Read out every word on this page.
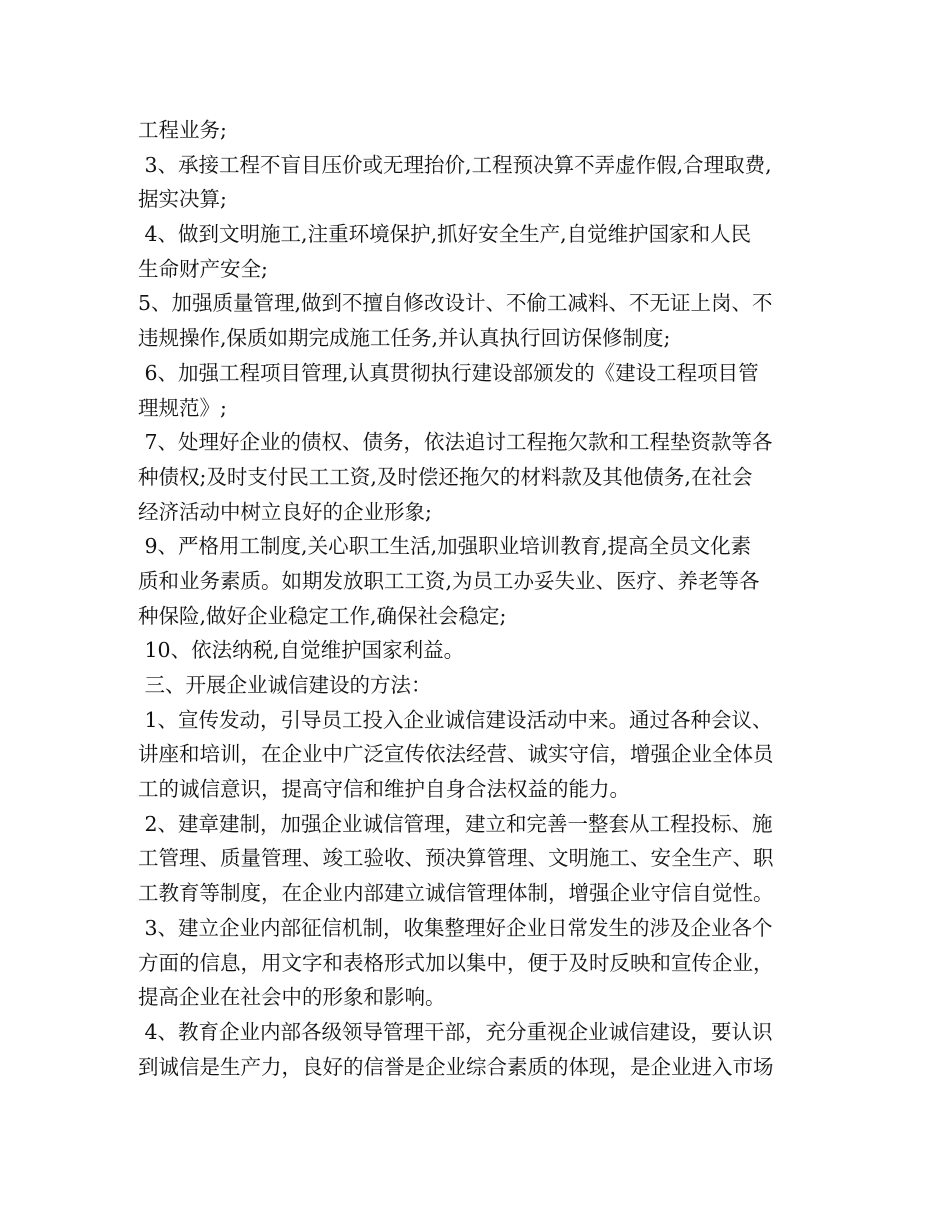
工程业务;
3、承接工程不盲目压价或无理抬价,工程预决算不弄虚作假,合理取费,
据实决算;
4、做到文明施工,注重环境保护,抓好安全生产,自觉维护国家和人民
生命财产安全;
5、加强质量管理,做到不擅自修改设计、不偷工减料、不无证上岗、不
违规操作,保质如期完成施工任务,并认真执行回访保修制度;
6、加强工程项目管理,认真贯彻执行建设部颁发的《建设工程项目管
理规范》;
7、处理好企业的债权、债务，依法追讨工程拖欠款和工程垫资款等各
种债权;及时支付民工工资,及时偿还拖欠的材料款及其他债务,在社会
经济活动中树立良好的企业形象;
9、严格用工制度,关心职工生活,加强职业培训教育,提高全员文化素
质和业务素质。如期发放职工工资,为员工办妥失业、医疗、养老等各
种保险,做好企业稳定工作,确保社会稳定;
10、依法纳税,自觉维护国家利益。
三、开展企业诚信建设的方法：
1、宣传发动，引导员工投入企业诚信建设活动中来。通过各种会议、
讲座和培训，在企业中广泛宣传依法经营、诚实守信，增强企业全体员
工的诚信意识，提高守信和维护自身合法权益的能力。
2、建章建制，加强企业诚信管理，建立和完善一整套从工程投标、施
工管理、质量管理、竣工验收、预决算管理、文明施工、安全生产、职
工教育等制度，在企业内部建立诚信管理体制，增强企业守信自觉性。
3、建立企业内部征信机制，收集整理好企业日常发生的涉及企业各个
方面的信息，用文字和表格形式加以集中，便于及时反映和宣传企业，
提高企业在社会中的形象和影响。
4、教育企业内部各级领导管理干部，充分重视企业诚信建设，要认识
到诚信是生产力，良好的信誉是企业综合素质的体现，是企业进入市场
